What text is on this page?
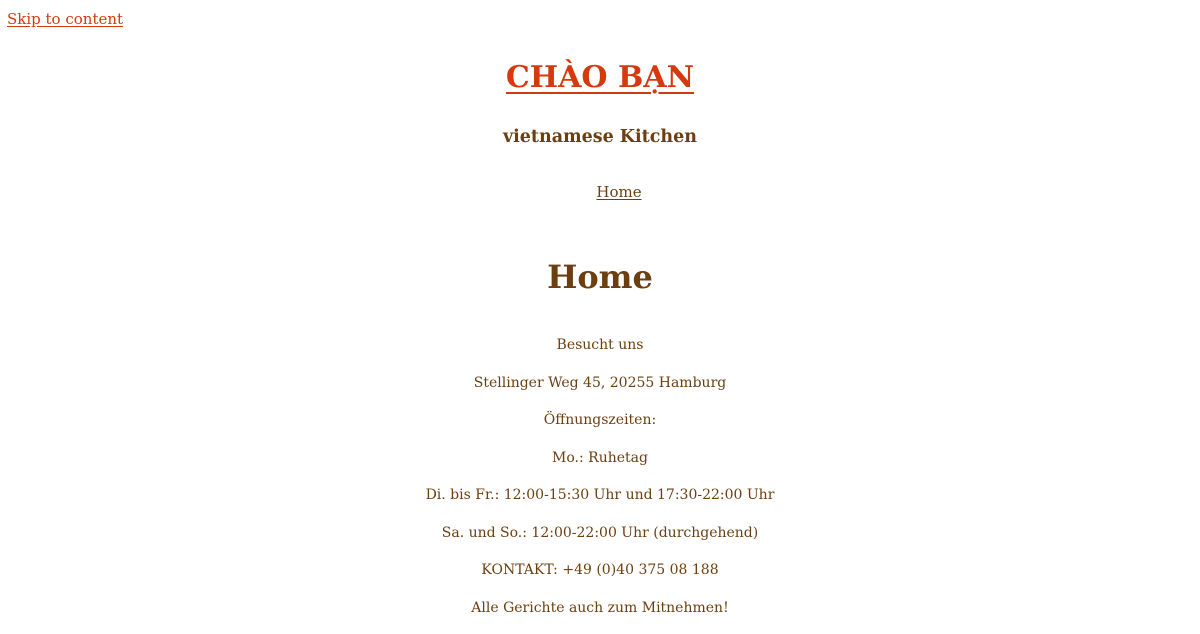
Skip to content

CHÀO BẠN

vietnamese Kitchen

Home
Home

Besucht uns

Stellinger Weg 45, 20255 Hamburg

Öffnungszeiten:

Mo.: Ruhetag

Di. bis Fr.: 12:00-15:30 Uhr und 17:30-22:00 Uhr

Sa. und So.: 12:00-22:00 Uhr (durchgehend)

KONTAKT: +49 (0)40 375 08 188

Alle Gerichte auch zum Mitnehmen!
